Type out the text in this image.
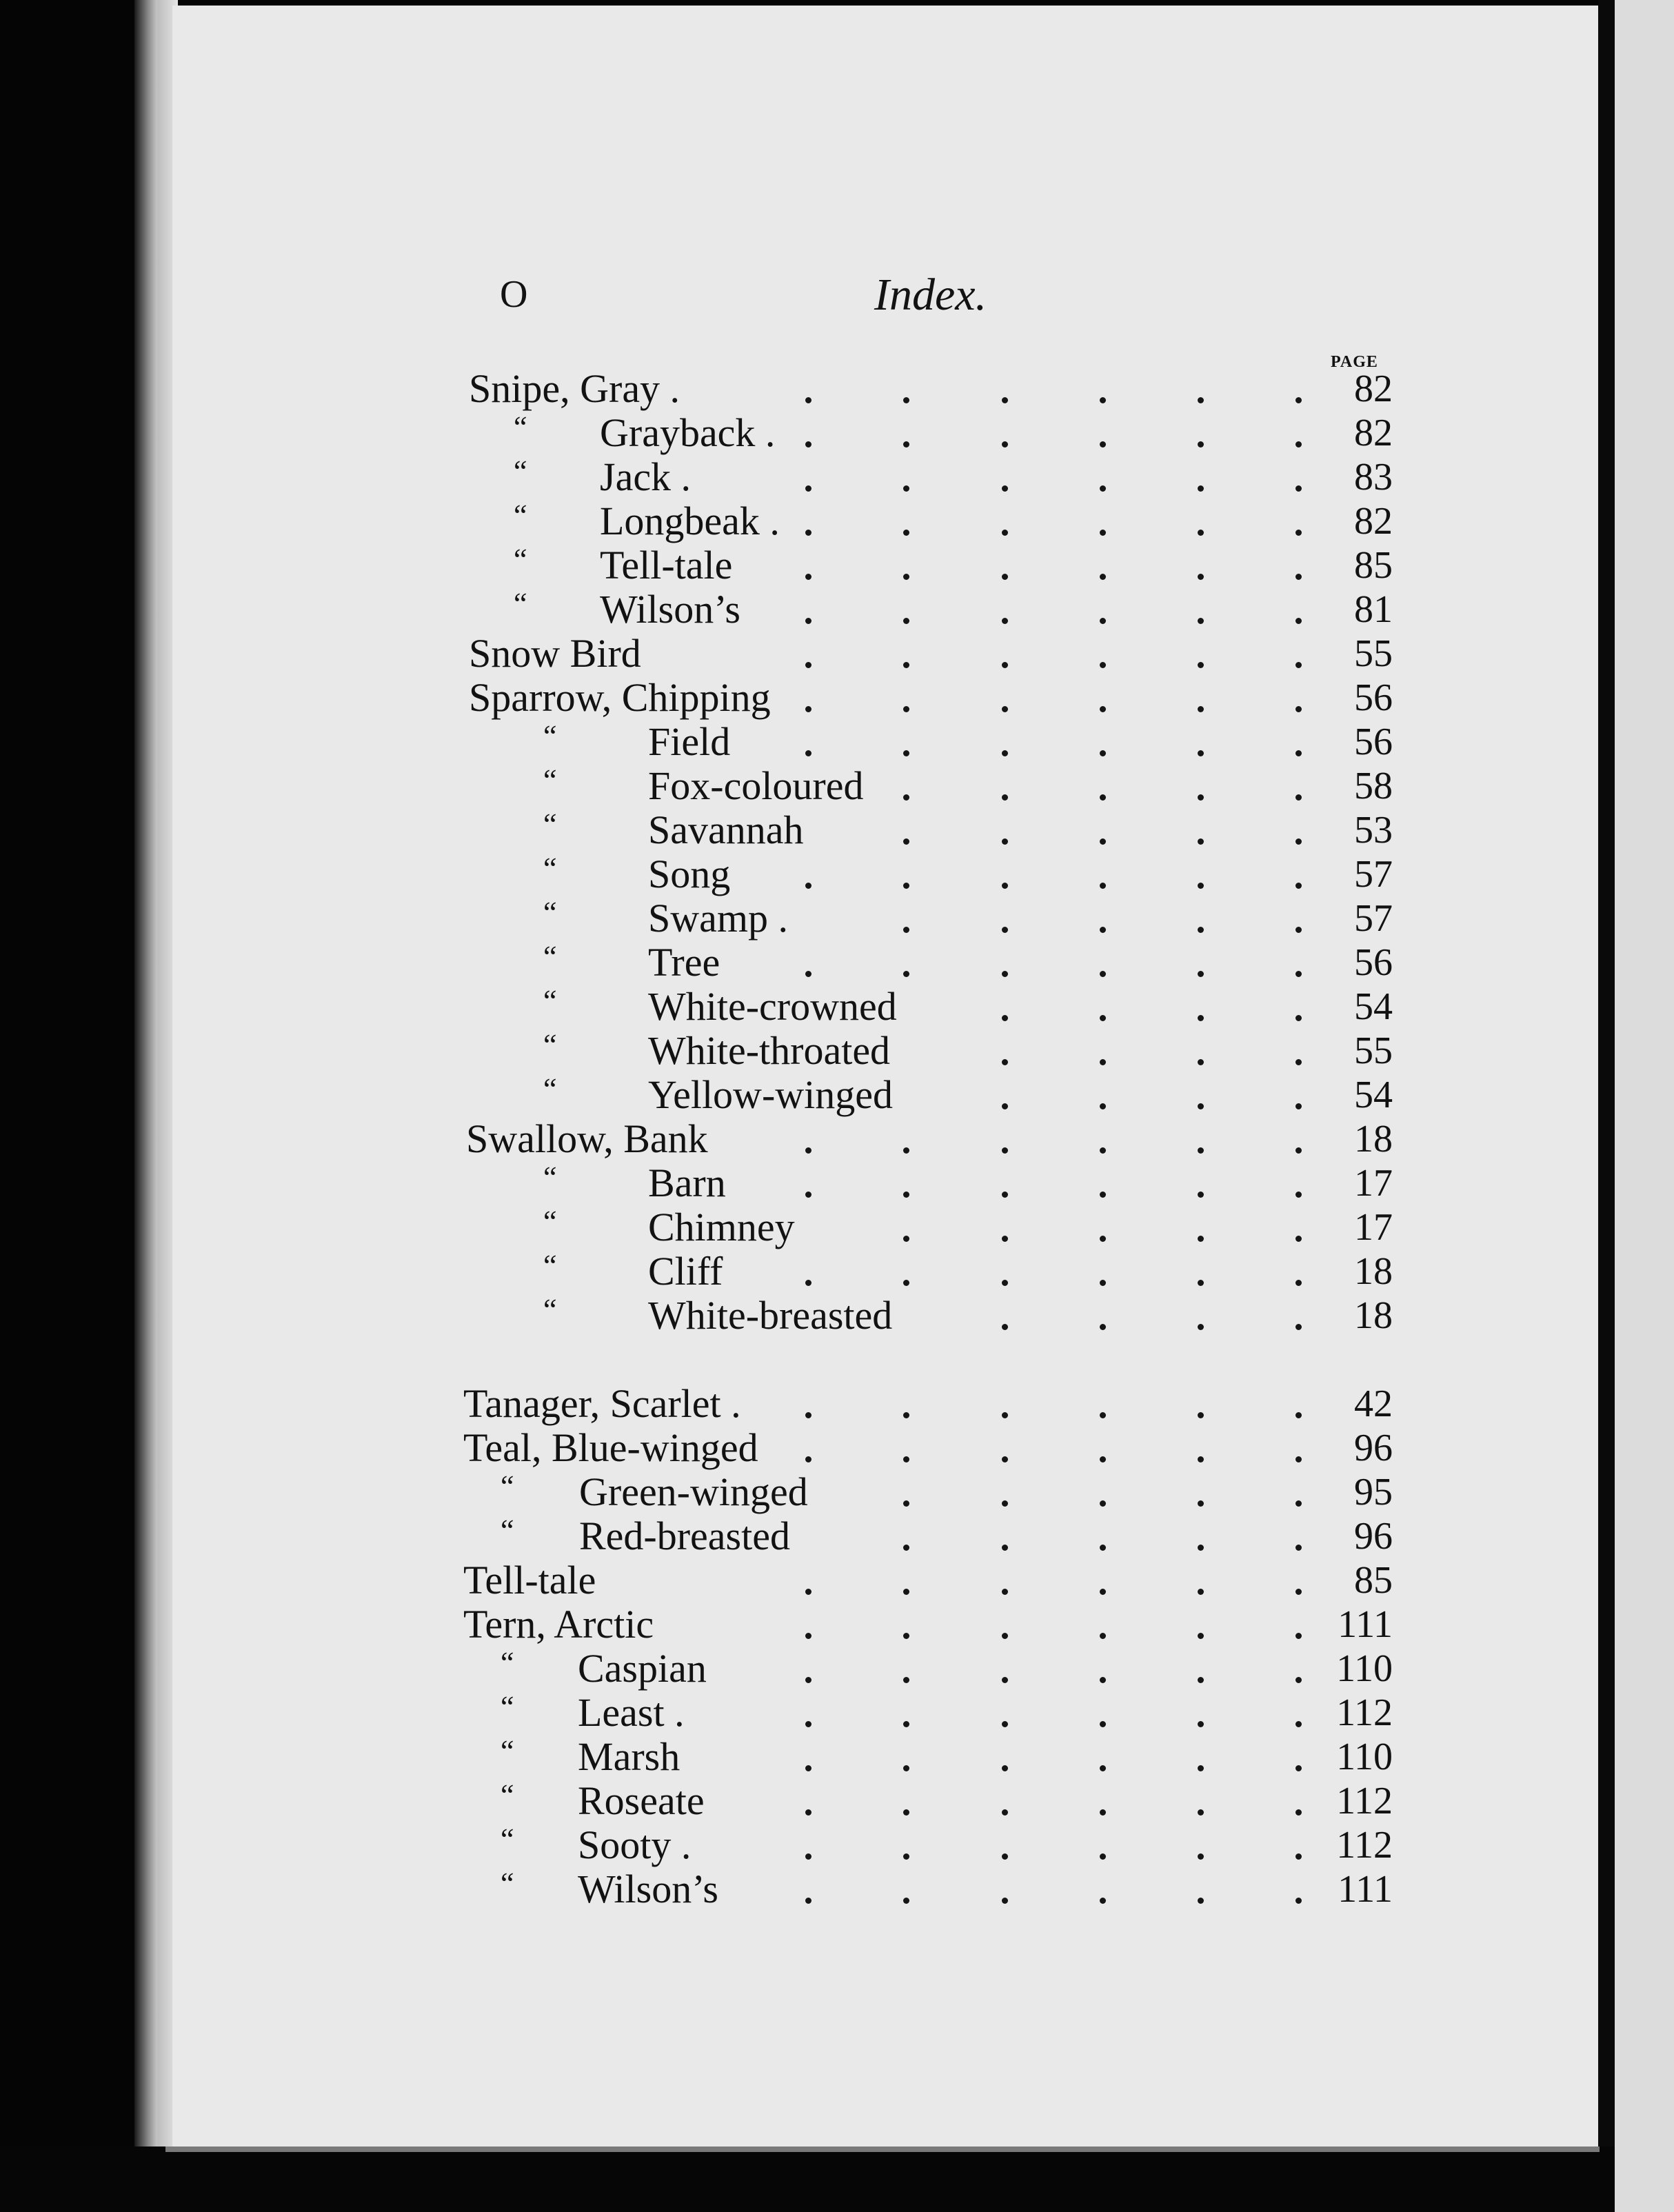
O	Index.
PAGE
Snipe, Gray .	82
“ Grayback .	82
“ Jack .	83
“ Longbeak .	82
“ Tell-tale	85
“ Wilson’s	81
Snow Bird	55
Sparrow, Chipping	56
“ Field	56
“ Fox-coloured	58
“ Savannah	53
“ Song	57
“ Swamp .	57
“ Tree	56
“ White-crowned	54
“ White-throated	55
“ Yellow-winged	54
Swallow, Bank	18
“ Barn	17
“ Chimney	17
“ Cliff	18
“ White-breasted	18
Tanager, Scarlet .	42
Teal, Blue-winged	96
“ Green-winged	95
“ Red-breasted	96
Tell-tale	85
Tern, Arctic	111
“ Caspian	110
“ Least .	112
“ Marsh	110
“ Roseate	112
“ Sooty .	112
“ Wilson’s	111
